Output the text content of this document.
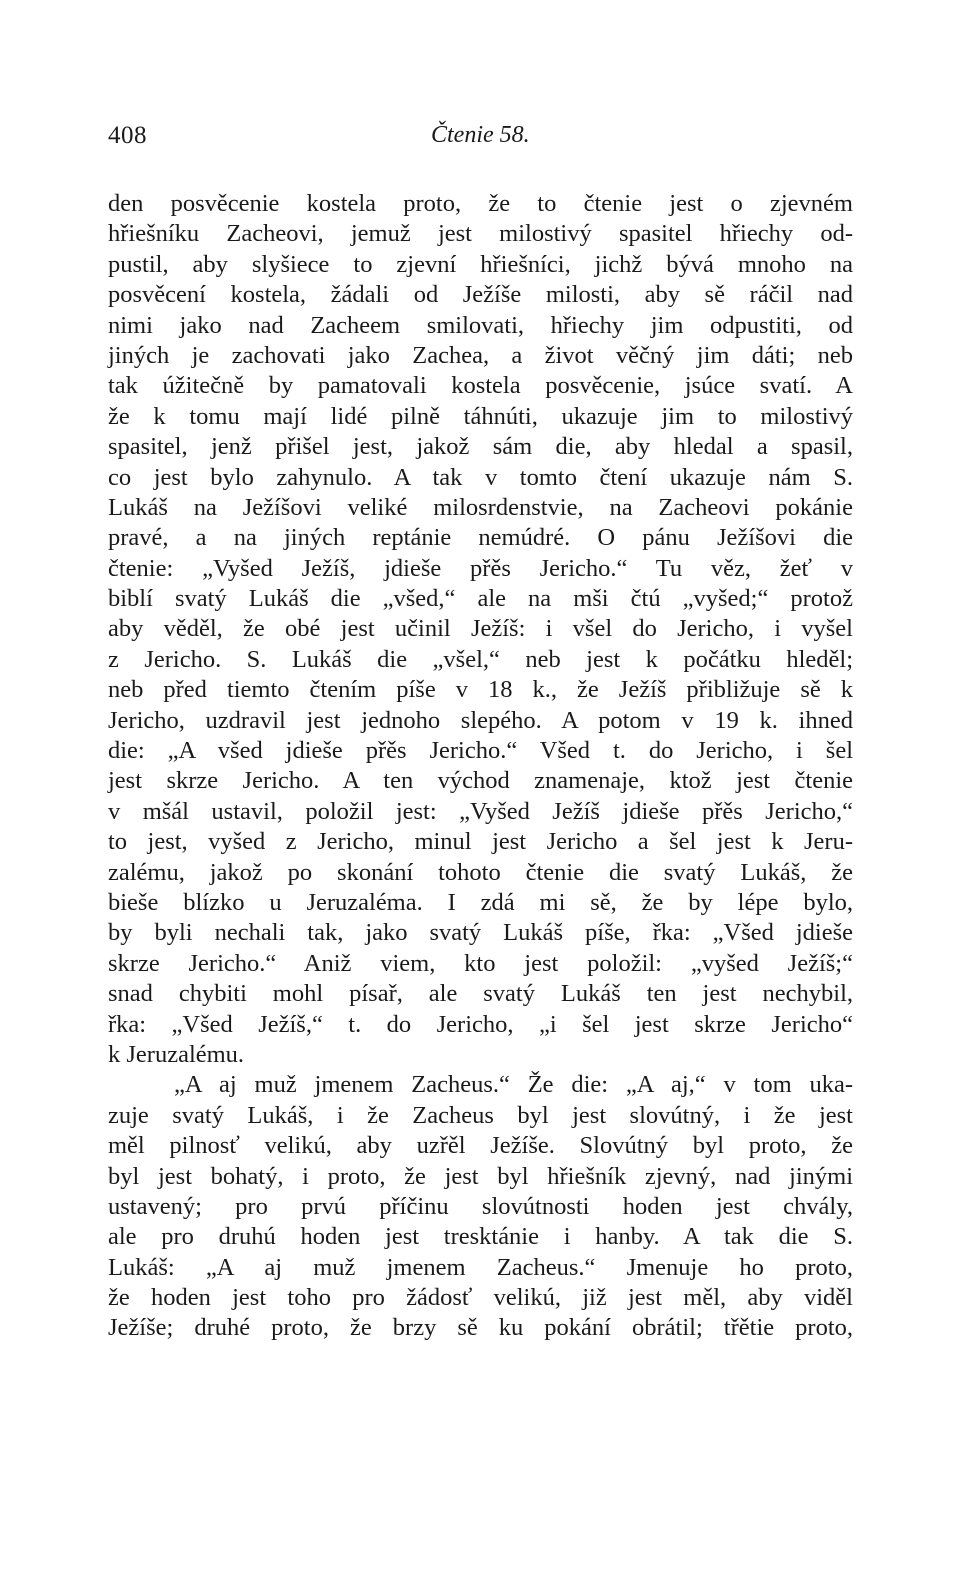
408	Čtenie 58.
den posvěcenie kostela proto, že to čtenie jest o zjevném
hřiešníku Zacheovi, jemuž jest milostivý spasitel hřiechy od-
pustil, aby slyšiece to zjevní hřiešníci, jichž bývá mnoho na
posvěcení kostela, žádali od Ježíše milosti, aby sě ráčil nad
nimi jako nad Zacheem smilovati, hřiechy jim odpustiti, od
jiných je zachovati jako Zachea, a život věčný jim dáti; neb
tak úžitečně by pamatovali kostela posvěcenie, jsúce svatí. A
že k tomu mají lidé pilně táhnúti, ukazuje jim to milostivý
spasitel, jenž přišel jest, jakož sám die, aby hledal a spasil,
co jest bylo zahynulo. A tak v tomto čtení ukazuje nám S.
Lukáš na Ježíšovi veliké milosrdenstvie, na Zacheovi pokánie
pravé, a na jiných reptánie nemúdré. O pánu Ježíšovi die
čtenie: „Vyšed Ježíš, jdieše přěs Jericho.“ Tu věz, žeť v
biblí svatý Lukáš die „všed,“ ale na mši čtú „vyšed;“ protož
aby věděl, že obé jest učinil Ježíš: i všel do Jericho, i vyšel
z Jericho. S. Lukáš die „všel,“ neb jest k počátku hleděl;
neb před tiemto čtením píše v 18 k., že Ježíš přibližuje sě k
Jericho, uzdravil jest jednoho slepého. A potom v 19 k. ihned
die: „A všed jdieše přěs Jericho.“ Všed t. do Jericho, i šel
jest skrze Jericho. A ten východ znamenaje, ktož jest čtenie
v mšál ustavil, položil jest: „Vyšed Ježíš jdieše přěs Jericho,“
to jest, vyšed z Jericho, minul jest Jericho a šel jest k Jeru-
zalému, jakož po skonání tohoto čtenie die svatý Lukáš, že
bieše blízko u Jeruzaléma. I zdá mi sě, že by lépe bylo,
by byli nechali tak, jako svatý Lukáš píše, řka: „Všed jdieše
skrze Jericho.“ Aniž viem, kto jest položil: „vyšed Ježíš;“
snad chybiti mohl písař, ale svatý Lukáš ten jest nechybil,
řka: „Všed Ježíš,“ t. do Jericho, „i šel jest skrze Jericho“
k Jeruzalému.
„A aj muž jmenem Zacheus.“ Že die: „A aj,“ v tom uka-
zuje svatý Lukáš, i že Zacheus byl jest slovútný, i že jest
měl pilnosť velikú, aby uzřěl Ježíše. Slovútný byl proto, že
byl jest bohatý, i proto, že jest byl hřiešník zjevný, nad jinými
ustavený; pro prvú příčinu slovútnosti hoden jest chvály,
ale pro druhú hoden jest tresktánie i hanby. A tak die S.
Lukáš: „A aj muž jmenem Zacheus.“ Jmenuje ho proto,
že hoden jest toho pro žádosť velikú, již jest měl, aby viděl
Ježíše; druhé proto, že brzy sě ku pokání obrátil; třětie proto,
